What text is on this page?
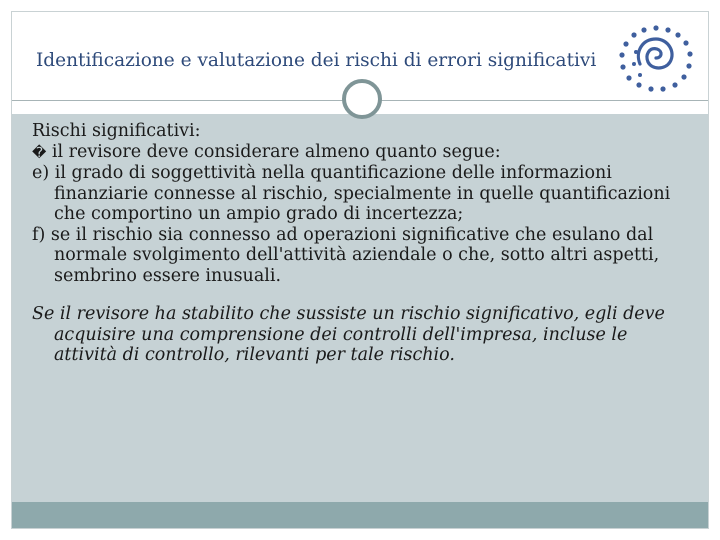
Identificazione e valutazione dei rischi di errori significativi

Rischi significativi:

� il revisore deve considerare almeno quanto segue:

e) il grado di soggettività nella quantificazione delle informazioni finanziarie connesse al rischio, specialmente in quelle quantificazioni che comportino un ampio grado di incertezza;

f) se il rischio sia connesso ad operazioni significative che esulano dal normale svolgimento dell'attività aziendale o che, sotto altri aspetti, sembrino essere inusuali.

Se il revisore ha stabilito che sussiste un rischio significativo, egli deve acquisire una comprensione dei controlli dell'impresa, incluse le attività di controllo, rilevanti per tale rischio.
